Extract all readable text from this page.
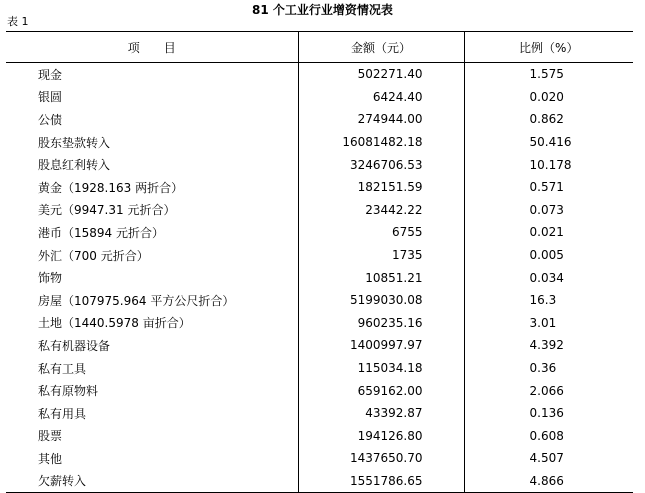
81 个工业行业增资情况表
表 1
项　　目	金额（元）	比例（%）
现金	502271.40	1.575
银圆	6424.40	0.020
公债	274944.00	0.862
股东垫款转入	16081482.18	50.416
股息红利转入	3246706.53	10.178
黄金（1928.163 两折合）	182151.59	0.571
美元（9947.31 元折合）	23442.22	0.073
港币（15894 元折合）	6755	0.021
外汇（700 元折合）	1735	0.005
饰物	10851.21	0.034
房屋（107975.964 平方公尺折合）	5199030.08	16.3
土地（1440.5978 亩折合）	960235.16	3.01
私有机器设备	1400997.97	4.392
私有工具	115034.18	0.36
私有原物料	659162.00	2.066
私有用具	43392.87	0.136
股票	194126.80	0.608
其他	1437650.70	4.507
欠薪转入	1551786.65	4.866
